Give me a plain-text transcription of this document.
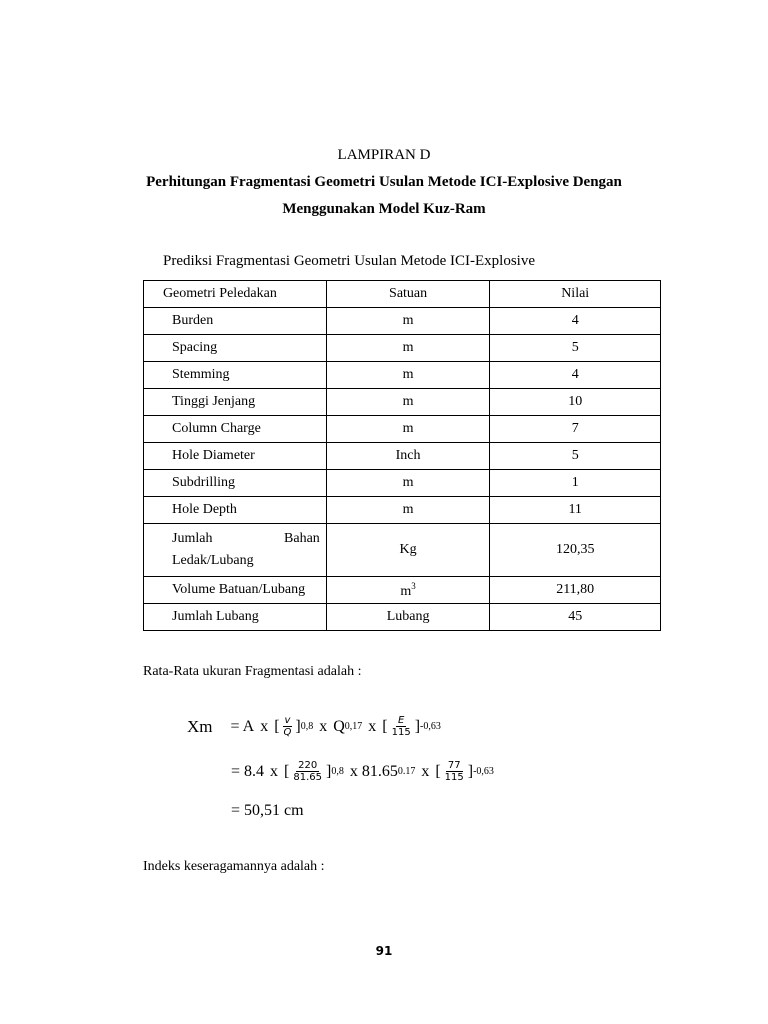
LAMPIRAN D
Perhitungan Fragmentasi Geometri Usulan Metode ICI-Explosive Dengan
Menggunakan Model Kuz-Ram
Prediksi Fragmentasi Geometri Usulan Metode ICI-Explosive
Geometri Peledakan	Satuan	Nilai
Burden	m	4
Spacing	m	5
Stemming	m	4
Tinggi Jenjang	m	10
Column Charge	m	7
Hole Diameter	Inch	5
Subdrilling	m	1
Hole Depth	m	11

Jumlah Bahan
Ledak/Lubang	Kg	120,35
Volume Batuan/Lubang	$m^3$	211,80
Jumlah Lubang	Lubang	45
Rata-Rata ukuran Fragmentasi adalah :
Xm = A x [ $\frac{v}{Q}$ ] 0,8 x Q 0,17 x [ $\frac{E}{115}$ ] -0,63
= 8.4 x [ $\frac{220}{81.65}$ ] 0,8 x 81.65 0.17 x [ $\frac{77}{115}$ ] -0,63
= 50,51 cm
Indeks keseragamannya adalah :
91
